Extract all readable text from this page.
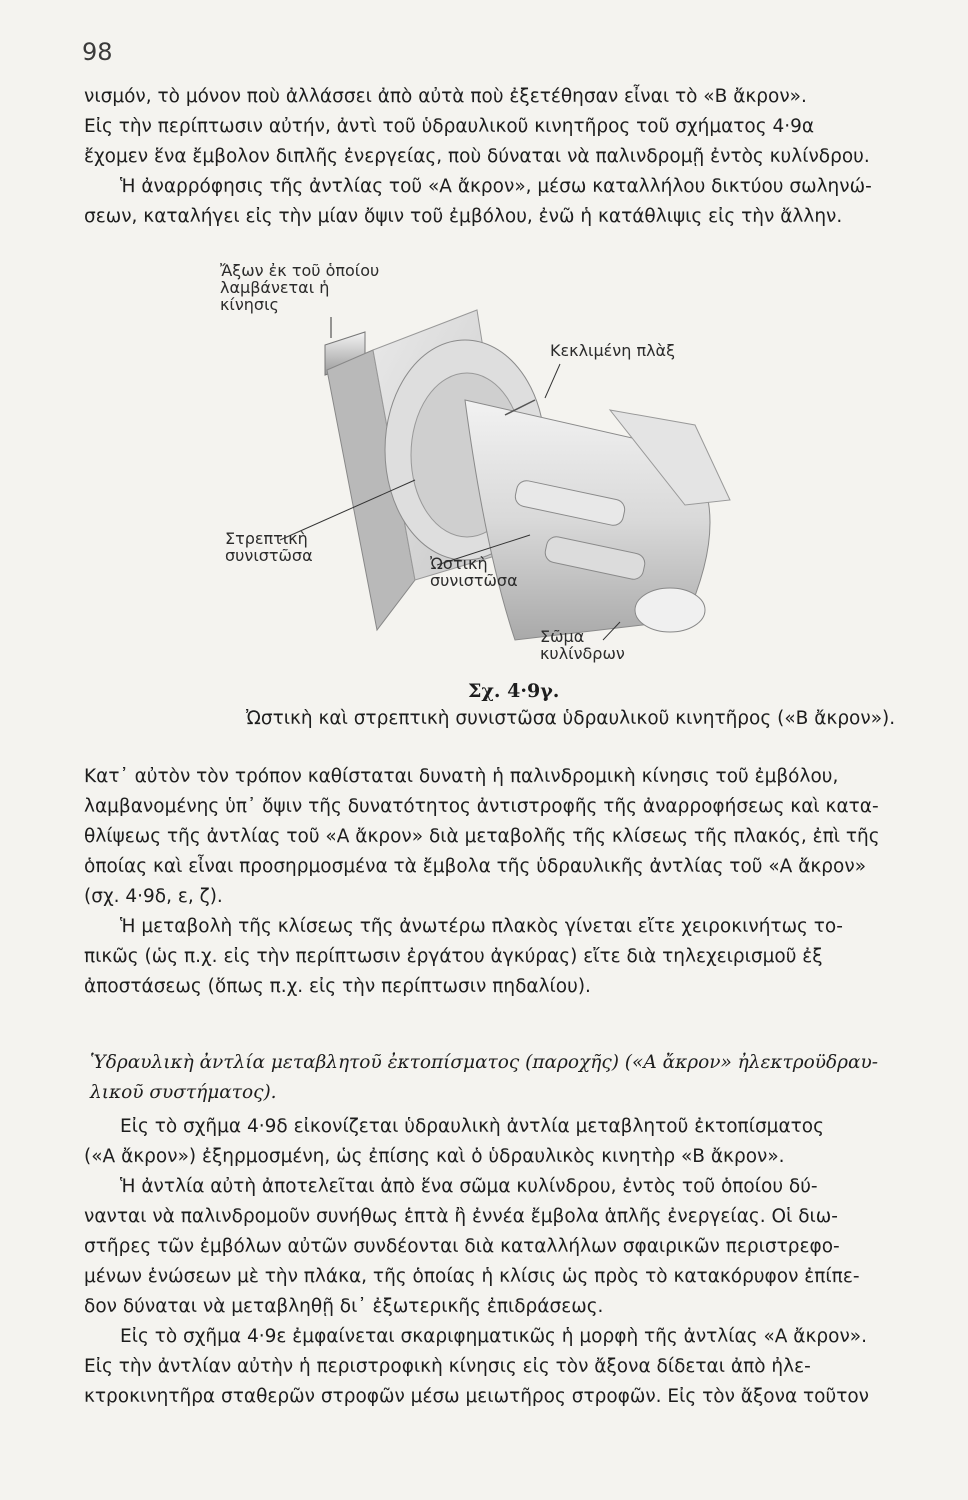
98

νισμόν, τὸ μόνον ποὺ ἀλλάσσει ἀπὸ αὐτὰ ποὺ ἐξετέθησαν εἶναι τὸ «Β ἄκρον».
Εἰς τὴν περίπτωσιν αὐτήν, ἀντὶ τοῦ ὑδραυλικοῦ κινητῆρος τοῦ σχήματος 4·9α
ἔχομεν ἕνα ἔμβολον διπλῆς ἐνεργείας, ποὺ δύναται νὰ παλινδρομῇ ἐντὸς κυλίνδρου.
Ἡ ἀναρρόφησις τῆς ἀντλίας τοῦ «Α ἄκρον», μέσω καταλλήλου δικτύου σωληνώ-
σεων, καταλήγει εἰς τὴν μίαν ὄψιν τοῦ ἐμβόλου, ἐνῶ ἡ κατάθλιψις εἰς τὴν ἄλλην.

Ἄξων ἐκ τοῦ ὁποίου
λαμβάνεται ἡ
κίνησις
Κεκλιμένη πλὰξ
Στρεπτικὴ
συνιστῶσα	Ὠστικὴ
συνιστῶσα
Σῶμα
κυλίνδρων
Σχ. 4·9γ.
Ὠστικὴ καὶ στρεπτικὴ συνιστῶσα ὑδραυλικοῦ κινητῆρος («Β ἄκρον»).

Κατ᾽ αὐτὸν τὸν τρόπον καθίσταται δυνατὴ ἡ παλινδρομικὴ κίνησις τοῦ ἐμβόλου,
λαμβανομένης ὑπ᾽ ὄψιν τῆς δυνατότητος ἀντιστροφῆς τῆς ἀναρροφήσεως καὶ κατα-
θλίψεως τῆς ἀντλίας τοῦ «Α ἄκρον» διὰ μεταβολῆς τῆς κλίσεως τῆς πλακός, ἐπὶ τῆς
ὁποίας καὶ εἶναι προσηρμοσμένα τὰ ἔμβολα τῆς ὑδραυλικῆς ἀντλίας τοῦ «Α ἄκρον»
(σχ. 4·9δ, ε, ζ).

Ἡ μεταβολὴ τῆς κλίσεως τῆς ἀνωτέρω πλακὸς γίνεται εἴτε χειροκινήτως το-
πικῶς (ὡς π.χ. εἰς τὴν περίπτωσιν ἐργάτου ἀγκύρας) εἴτε διὰ τηλεχειρισμοῦ ἐξ
ἀποστάσεως (ὅπως π.χ. εἰς τὴν περίπτωσιν πηδαλίου).

Ὑδραυλικὴ ἀντλία μεταβλητοῦ ἐκτοπίσματος (παροχῆς) («Α ἄκρον» ἠλεκτροϋδραυ-
λικοῦ συστήματος).

Εἰς τὸ σχῆμα 4·9δ εἰκονίζεται ὑδραυλικὴ ἀντλία μεταβλητοῦ ἐκτοπίσματος
(«Α ἄκρον») ἐξηρμοσμένη, ὡς ἐπίσης καὶ ὁ ὑδραυλικὸς κινητὴρ «Β ἄκρον».

Ἡ ἀντλία αὐτὴ ἀποτελεῖται ἀπὸ ἕνα σῶμα κυλίνδρου, ἐντὸς τοῦ ὁποίου δύ-
νανται νὰ παλινδρομοῦν συνήθως ἑπτὰ ἢ ἐννέα ἔμβολα ἁπλῆς ἐνεργείας. Οἱ διω-
στῆρες τῶν ἐμβόλων αὐτῶν συνδέονται διὰ καταλλήλων σφαιρικῶν περιστρεφο-
μένων ἑνώσεων μὲ τὴν πλάκα, τῆς ὁποίας ἡ κλίσις ὡς πρὸς τὸ κατακόρυφον ἐπίπε-
δον δύναται νὰ μεταβληθῇ δι᾽ ἐξωτερικῆς ἐπιδράσεως.

Εἰς τὸ σχῆμα 4·9ε ἐμφαίνεται σκαριφηματικῶς ἡ μορφὴ τῆς ἀντλίας «Α ἄκρον».
Εἰς τὴν ἀντλίαν αὐτὴν ἡ περιστροφικὴ κίνησις εἰς τὸν ἄξονα δίδεται ἀπὸ ἠλε-
κτροκινητῆρα σταθερῶν στροφῶν μέσω μειωτῆρος στροφῶν. Εἰς τὸν ἄξονα τοῦτον
